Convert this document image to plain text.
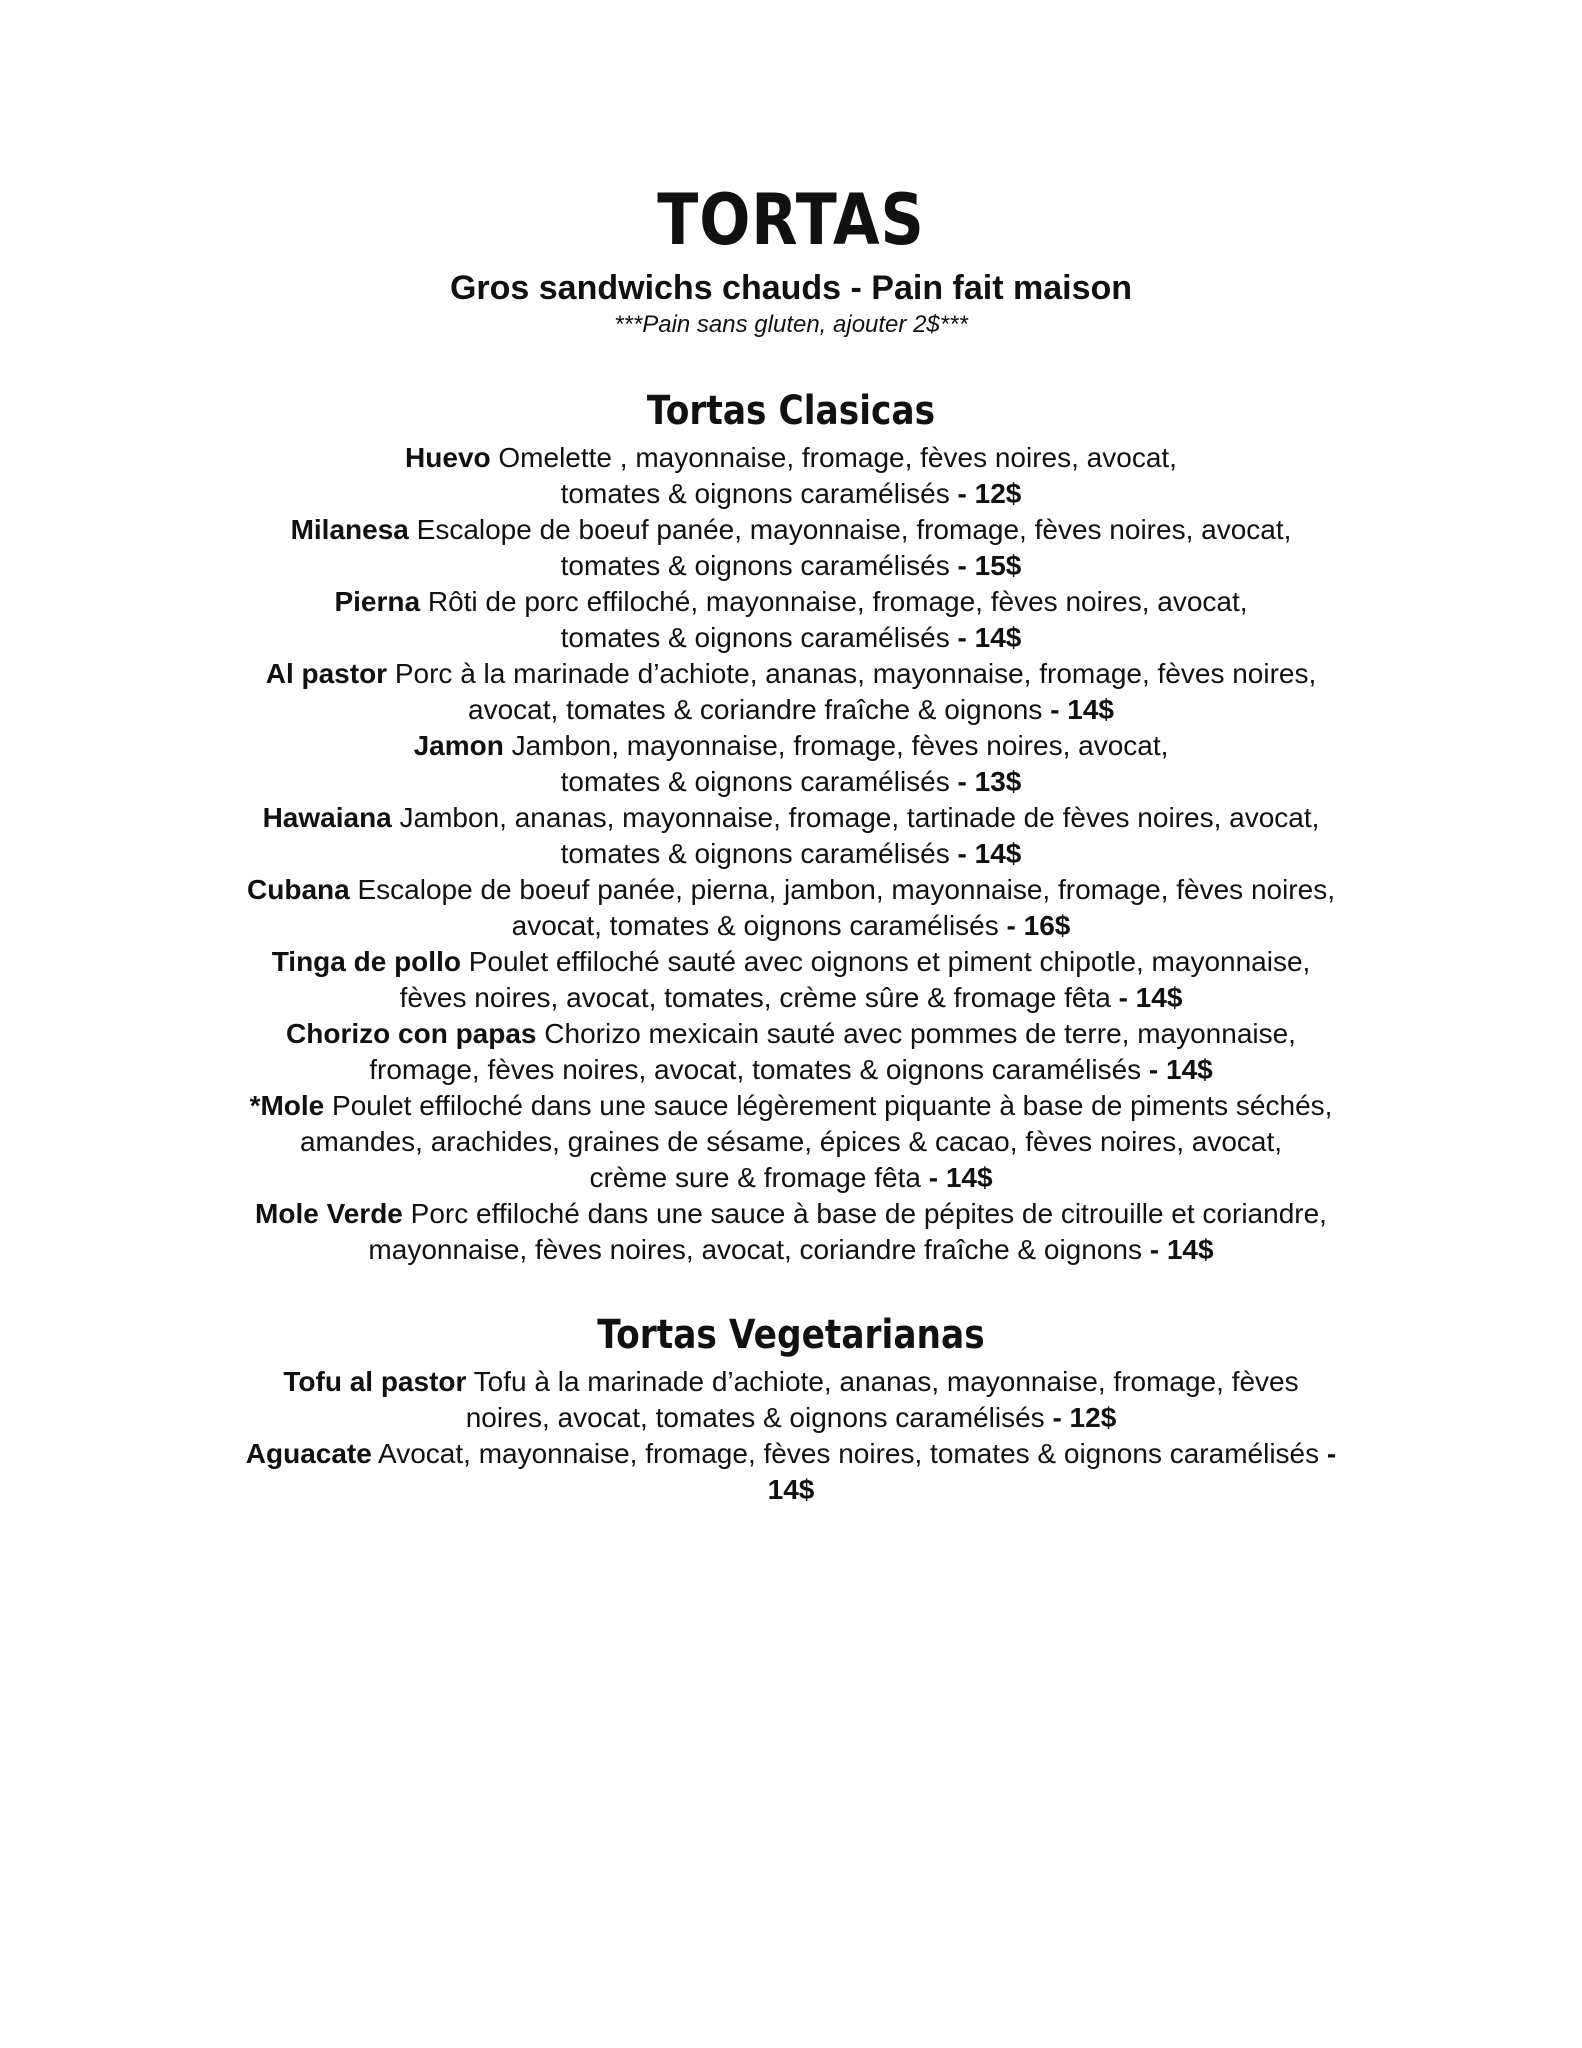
TORTAS
Gros sandwichs chauds - Pain fait maison
***Pain sans gluten, ajouter 2$***
Tortas Clasicas
Huevo Omelette , mayonnaise, fromage, fèves noires, avocat,
tomates & oignons caramélisés - 12$
Milanesa Escalope de boeuf panée, mayonnaise, fromage, fèves noires, avocat,
tomates & oignons caramélisés - 15$
Pierna Rôti de porc effiloché, mayonnaise, fromage, fèves noires, avocat,
tomates & oignons caramélisés - 14$
Al pastor Porc à la marinade d’achiote, ananas, mayonnaise, fromage, fèves noires,
avocat, tomates & coriandre fraîche & oignons - 14$
Jamon Jambon, mayonnaise, fromage, fèves noires, avocat,
tomates & oignons caramélisés - 13$
Hawaiana Jambon, ananas, mayonnaise, fromage, tartinade de fèves noires, avocat,
tomates & oignons caramélisés - 14$
Cubana Escalope de boeuf panée, pierna, jambon, mayonnaise, fromage, fèves noires,
avocat, tomates & oignons caramélisés - 16$
Tinga de pollo Poulet effiloché sauté avec oignons et piment chipotle, mayonnaise,
fèves noires, avocat, tomates, crème sûre & fromage fêta - 14$
Chorizo con papas Chorizo mexicain sauté avec pommes de terre, mayonnaise,
fromage, fèves noires, avocat, tomates & oignons caramélisés - 14$
*Mole Poulet effiloché dans une sauce légèrement piquante à base de piments séchés,
amandes, arachides, graines de sésame, épices & cacao, fèves noires, avocat,
crème sure & fromage fêta - 14$
Mole Verde Porc effiloché dans une sauce à base de pépites de citrouille et coriandre,
mayonnaise, fèves noires, avocat, coriandre fraîche & oignons - 14$
Tortas Vegetarianas
Tofu al pastor Tofu à la marinade d’achiote, ananas, mayonnaise, fromage, fèves
noires, avocat, tomates & oignons caramélisés - 12$
Aguacate Avocat, mayonnaise, fromage, fèves noires, tomates & oignons caramélisés -
14$
